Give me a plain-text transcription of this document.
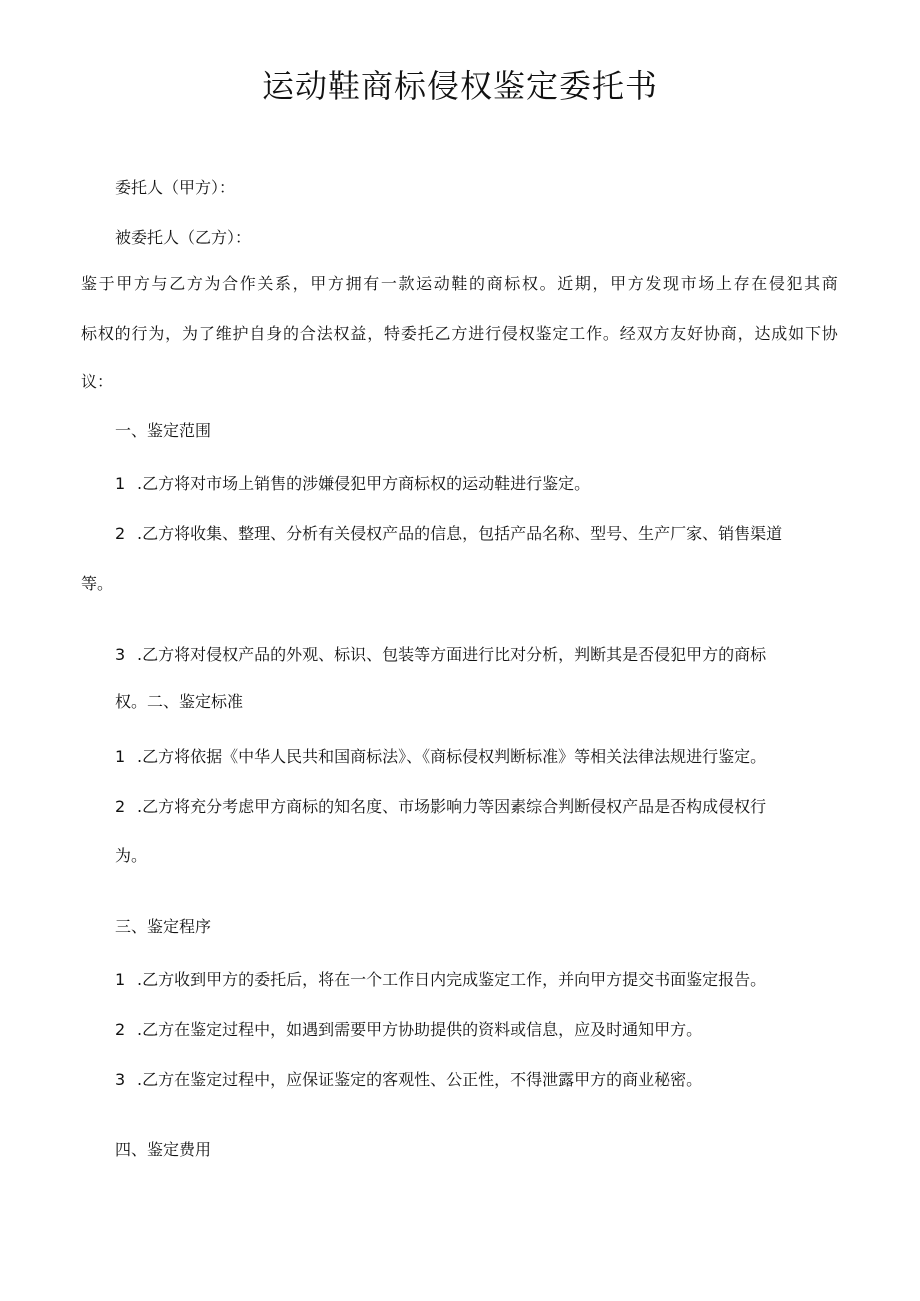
运动鞋商标侵权鉴定委托书

委托人（甲方）：

被委托人（乙方）：

鉴于甲方与乙方为合作关系，甲方拥有一款运动鞋的商标权。近期，甲方发现市场上存在侵犯其商

标权的行为，为了维护自身的合法权益，特委托乙方进行侵权鉴定工作。经双方友好协商，达成如下协

议：

一、鉴定范围

1 .乙方将对市场上销售的涉嫌侵犯甲方商标权的运动鞋进行鉴定。

2 .乙方将收集、整理、分析有关侵权产品的信息，包括产品名称、型号、生产厂家、销售渠道

等。

3 .乙方将对侵权产品的外观、标识、包装等方面进行比对分析，判断其是否侵犯甲方的商标

权。二、鉴定标准

1 .乙方将依据《中华人民共和国商标法》、《商标侵权判断标准》等相关法律法规进行鉴定。

2 .乙方将充分考虑甲方商标的知名度、市场影响力等因素综合判断侵权产品是否构成侵权行

为。

三、鉴定程序

1 .乙方收到甲方的委托后，将在一个工作日内完成鉴定工作，并向甲方提交书面鉴定报告。

2 .乙方在鉴定过程中，如遇到需要甲方协助提供的资料或信息，应及时通知甲方。

3 .乙方在鉴定过程中，应保证鉴定的客观性、公正性，不得泄露甲方的商业秘密。

四、鉴定费用
